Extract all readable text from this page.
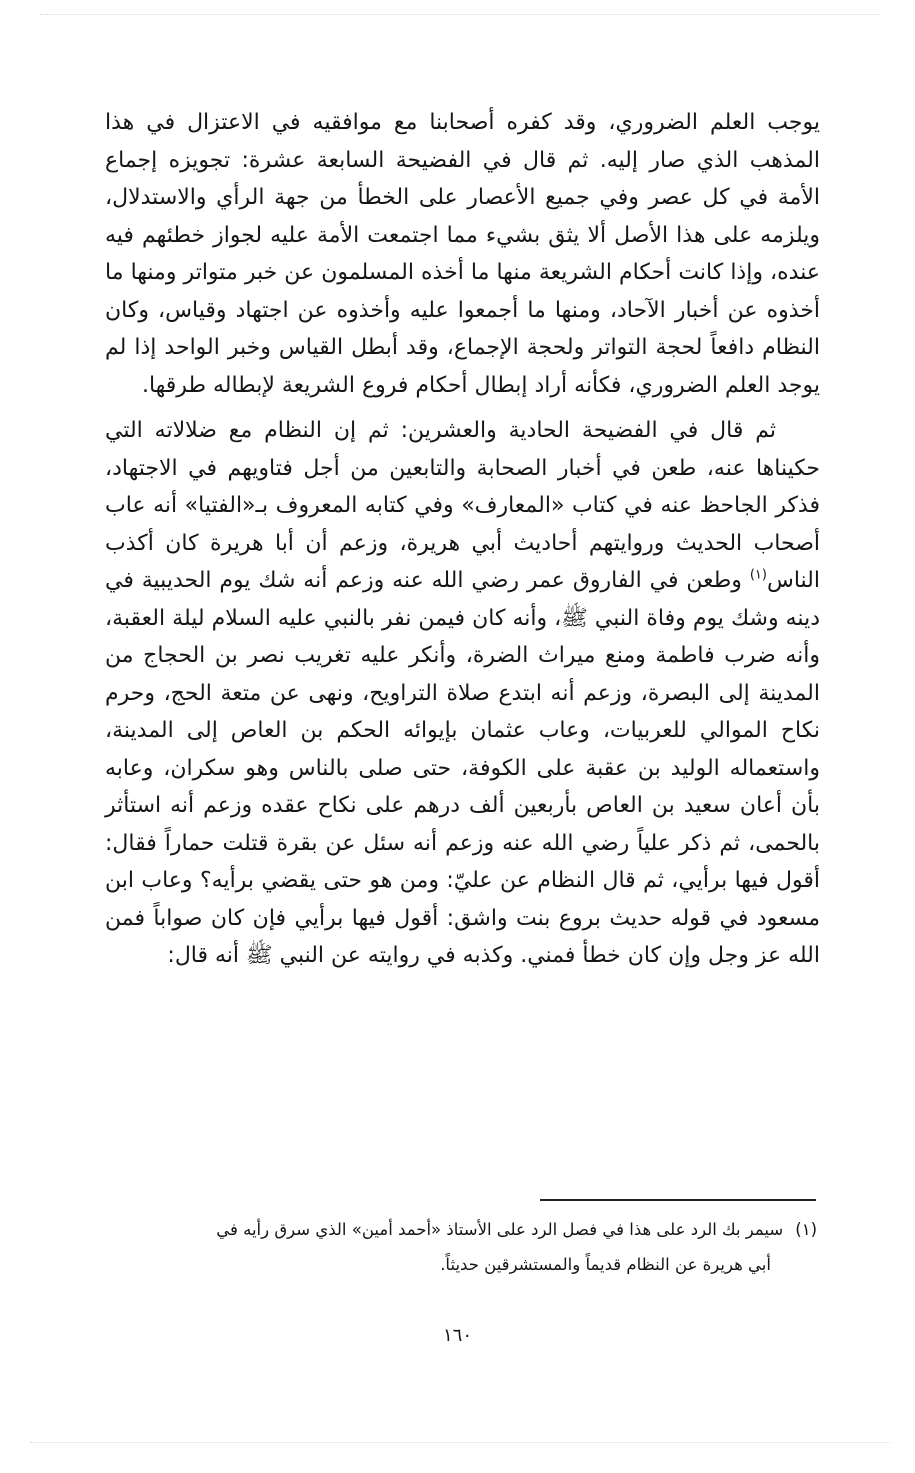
يوجب العلم الضروري، وقد كفره أصحابنا مع موافقيه في الاعتزال في هذا المذهب الذي صار إليه. ثم قال في الفضيحة السابعة عشرة: تجويزه إجماع الأمة في كل عصر وفي جميع الأعصار على الخطأ من جهة الرأي والاستدلال، ويلزمه على هذا الأصل ألا يثق بشيء مما اجتمعت الأمة عليه لجواز خطئهم فيه عنده، وإذا كانت أحكام الشريعة منها ما أخذه المسلمون عن خبر متواتر ومنها ما أخذوه عن أخبار الآحاد، ومنها ما أجمعوا عليه وأخذوه عن اجتهاد وقياس، وكان النظام دافعاً لحجة التواتر ولحجة الإجماع، وقد أبطل القياس وخبر الواحد إذا لم يوجد العلم الضروري، فكأنه أراد إبطال أحكام فروع الشريعة لإبطاله طرقها.

ثم قال في الفضيحة الحادية والعشرين: ثم إن النظام مع ضلالاته التي حكيناها عنه، طعن في أخبار الصحابة والتابعين من أجل فتاويهم في الاجتهاد، فذكر الجاحظ عنه في كتاب «المعارف» وفي كتابه المعروف بـ«الفتيا» أنه عاب أصحاب الحديث وروايتهم أحاديث أبي هريرة، وزعم أن أبا هريرة كان أكذب الناس$^{(١)}$ وطعن في الفاروق عمر رضي الله عنه وزعم أنه شك يوم الحديبية في دينه وشك يوم وفاة النبي ﷺ، وأنه كان فيمن نفر بالنبي عليه السلام ليلة العقبة، وأنه ضرب فاطمة ومنع ميراث الضرة، وأنكر عليه تغريب نصر بن الحجاج من المدينة إلى البصرة، وزعم أنه ابتدع صلاة التراويح، ونهى عن متعة الحج، وحرم نكاح الموالي للعربيات، وعاب عثمان بإيوائه الحكم بن العاص إلى المدينة، واستعماله الوليد بن عقبة على الكوفة، حتى صلى بالناس وهو سكران، وعابه بأن أعان سعيد بن العاص بأربعين ألف درهم على نكاح عقده وزعم أنه استأثر بالحمى، ثم ذكر علياً رضي الله عنه وزعم أنه سئل عن بقرة قتلت حماراً فقال: أقول فيها برأيي، ثم قال النظام عن عليّ: ومن هو حتى يقضي برأيه؟ وعاب ابن مسعود في قوله حديث بروع بنت واشق: أقول فيها برأيي فإن كان صواباً فمن الله عز وجل وإن كان خطأ فمني. وكذبه في روايته عن النبي ﷺ أنه قال:

(١)سيمر بك الرد على هذا في فصل الرد على الأستاذ «أحمد أمين» الذي سرق رأيه في
أبي هريرة عن النظام قديماً والمستشرقين حديثاً.
١٦٠
